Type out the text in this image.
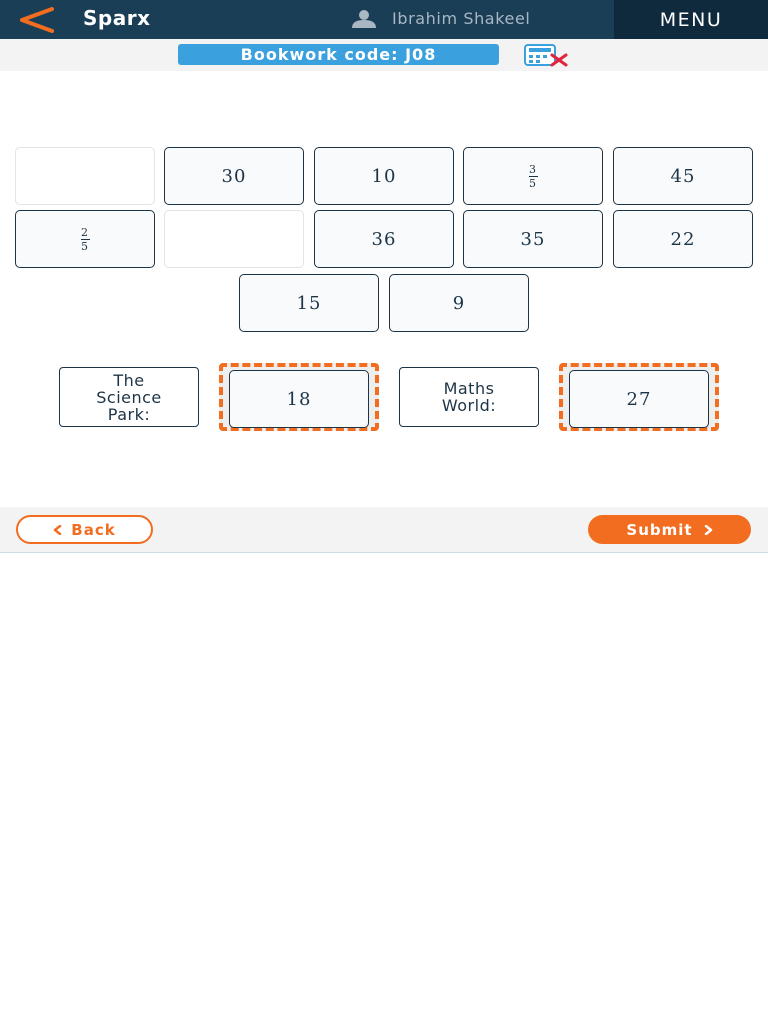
Sparx	Ibrahim Shakeel	MENU
Bookwork code: J08
30	10	$\frac{3}{5}$	45
$\frac{2}{5}$	36	35	22
15	9
The
Science
Park:
18	Maths
World:	27
Back	Submit
